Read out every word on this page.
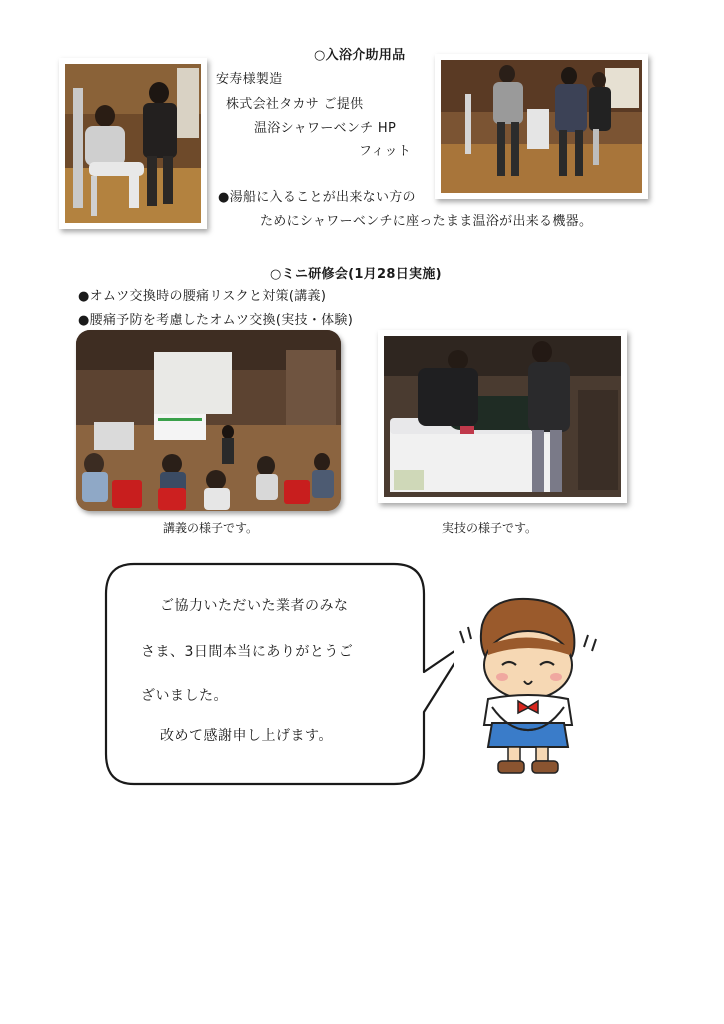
○入浴介助用品
安寿様製造
株式会社タカサ ご提供
温浴シャワーベンチ HP
フィット
●湯船に入ることが出来ない方の
ためにシャワーベンチに座ったまま温浴が出来る機器。
○ミニ研修会(1月28日実施)
●オムツ交換時の腰痛リスクと対策(講義)
●腰痛予防を考慮したオムツ交換(実技・体験)
講義の様子です。	実技の様子です。
ご協力いただいた業者のみな
さま、3日間本当にありがとうご
ざいました。
改めて感謝申し上げます。
